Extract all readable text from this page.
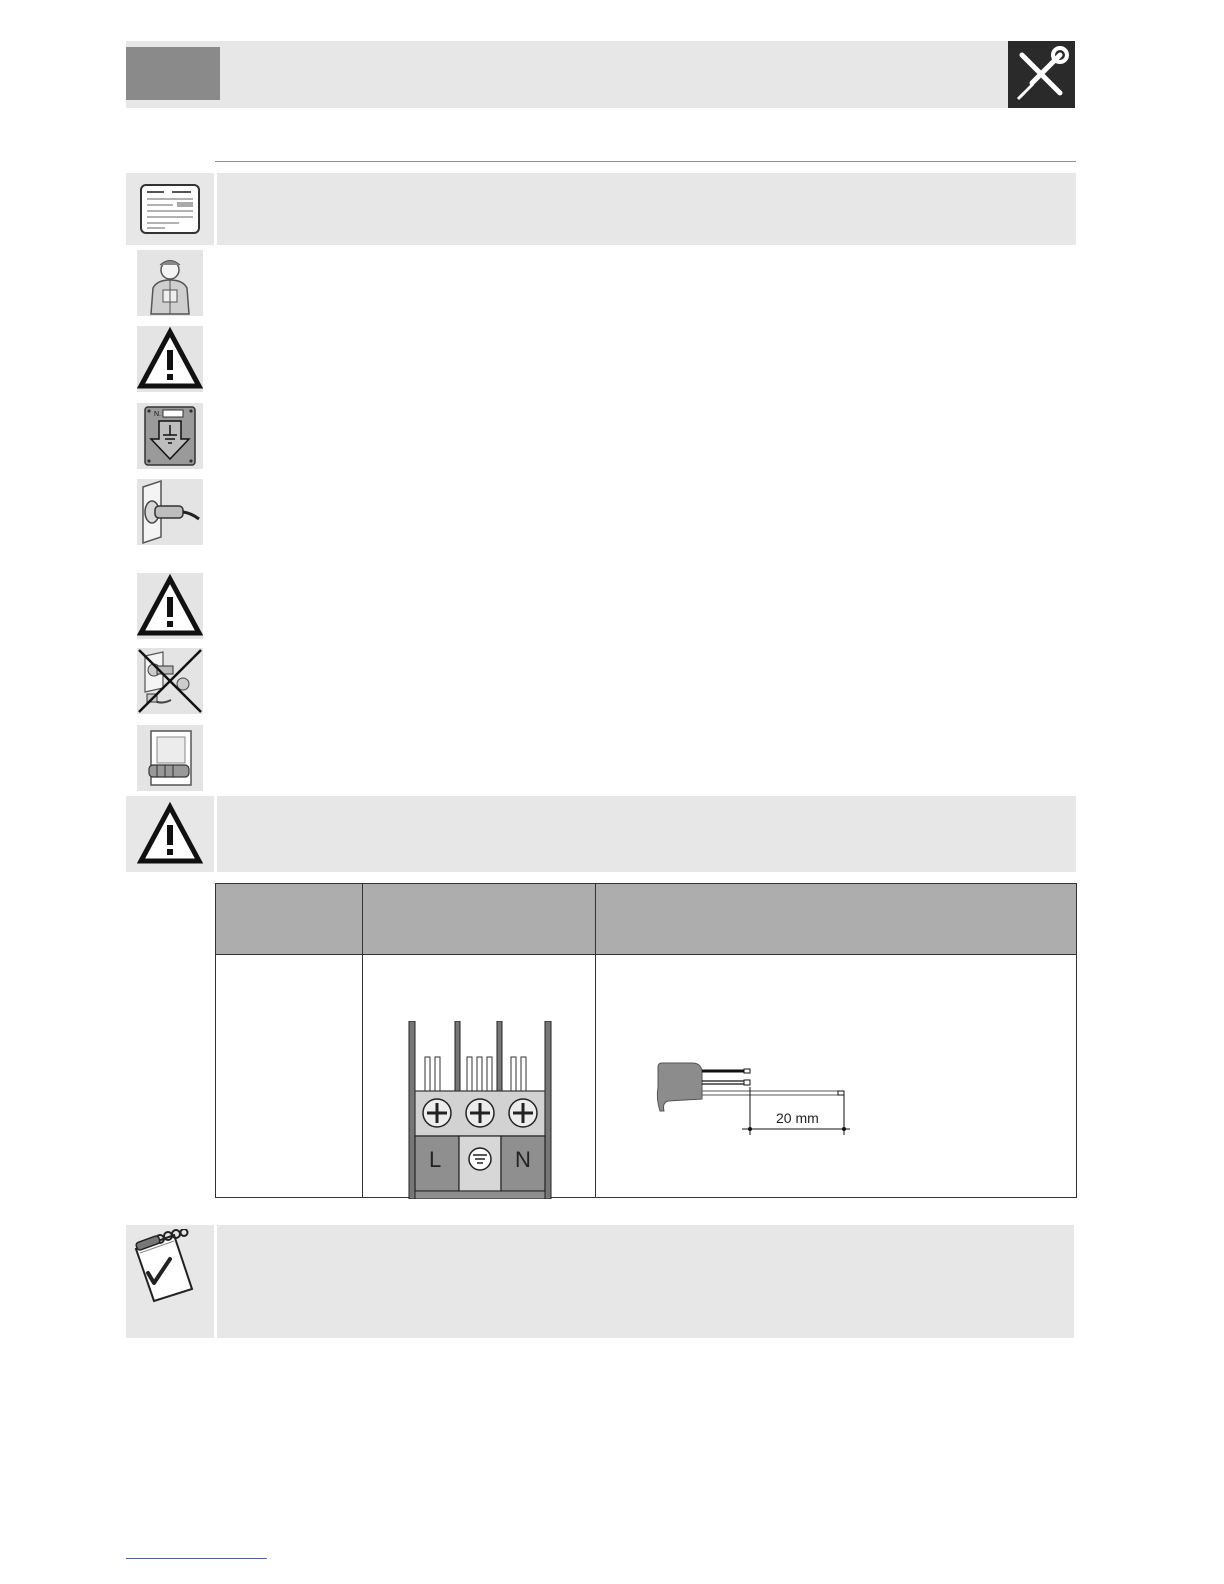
N.

L N	20 mm
